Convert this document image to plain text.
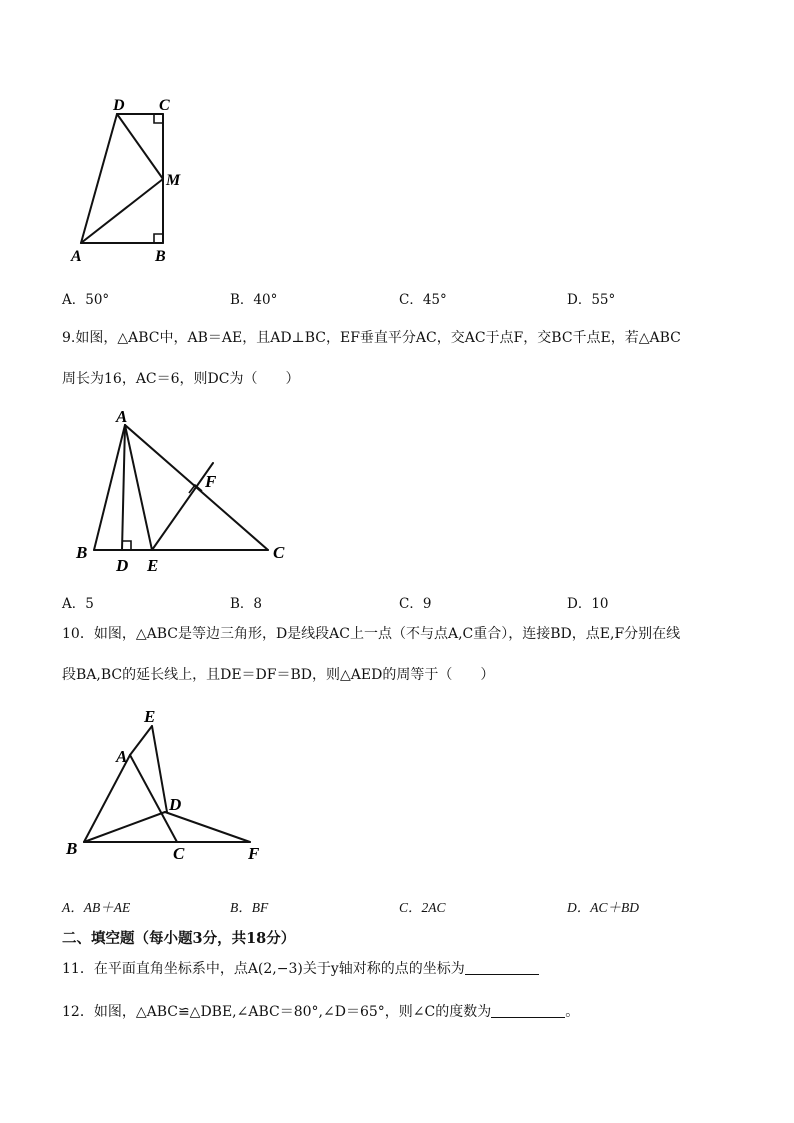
D C
M
A	B
A．50°	B．40°	C．45°	D．55°
9.如图，△ABC中，AB＝AE，且AD⊥BC，EF垂直平分AC，交AC于点F，交BC千点E，若△ABC
周长为16，AC＝6，则DC为（　　）
A
F
B
D E
C
A．5	B．8	C．9	D．10
10．如图，△ABC是等边三角形，D是线段AC上一点（不与点A,C重合），连接BD，点E,F分别在线
段BA,BC的延长线上，且DE＝DF＝BD，则△AED的周等于（　　）
E
A
D
B	C	F
A．AB＋AE	B．BF	C．2AC	D．AC＋BD
二、填空题（每小题3分，共18分）
11．在平面直角坐标系中，点A(2,−3)关于y轴对称的点的坐标为
12．如图，△ABC≌△DBE,∠ABC＝80°,∠D＝65°，则∠C的度数为	。
